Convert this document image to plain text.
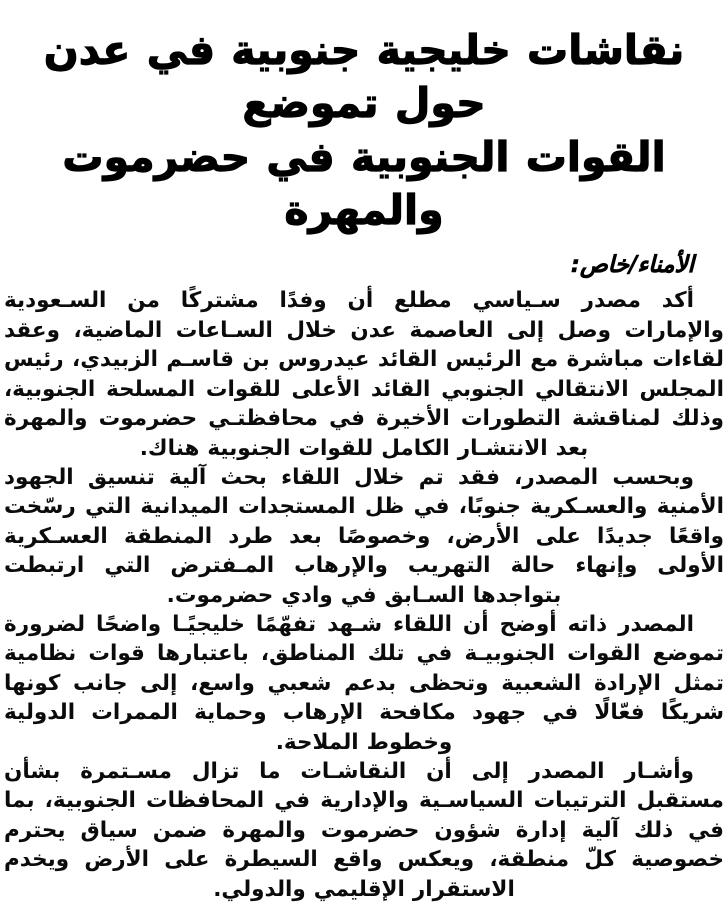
نقاشات خليجية جنوبية في عدن حول تموضع
القوات الجنوبية في حضرموت والمهرة
الأمناء/خاص:

أكد مصدر سـياسي مطلع أن وفدًا مشتركًا من السـعودية والإمارات وصل إلى العاصمة عدن خلال السـاعات الماضية، وعقد لقاءات مباشرة مع الرئيس القائد عيدروس بن قاسـم الزبيدي، رئيس المجلس الانتقالي الجنوبي القائد الأعلى للقوات المسلحة الجنوبية، وذلك لمناقشة التطورات الأخيرة في محافظتـي حضرموت والمهرة بعد الانتشـار الكامل للقوات الجنوبية هناك.

وبحسب المصدر، فقد تم خلال اللقاء بحث آلية تنسيق الجهود الأمنية والعسـكرية جنوبًا، في ظل المستجدات الميدانية التي رسّخت واقعًا جديدًا على الأرض، وخصوصًا بعد طرد المنطقة العسـكرية الأولى وإنهاء حالة التهريب والإرهاب المـفترض التي ارتبطت بتواجدها السـابق في وادي حضرموت.

المصدر ذاته أوضح أن اللقاء شـهد تفهّمًا خليجيًـا واضحًا لضرورة تموضع القوات الجنوبيـة في تلك المناطق، باعتبارها قوات نظامية تمثل الإرادة الشعبية وتحظى بدعم شعبي واسع، إلى جانب كونها شريكًا فعّالًا في جهود مكافحة الإرهاب وحماية الممرات الدولية وخطوط الملاحة.

وأشـار المصدر إلى أن النقاشـات ما تزال مسـتمرة بشأن مستقبل الترتيبات السياسـية والإدارية في المحافظات الجنوبية، بما في ذلك آلية إدارة شؤون حضرموت والمهرة ضمن سياق يحترم خصوصية كلّ منطقة، ويعكس واقع السيطرة على الأرض ويخدم الاستقرار الإقليمي والدولي.
